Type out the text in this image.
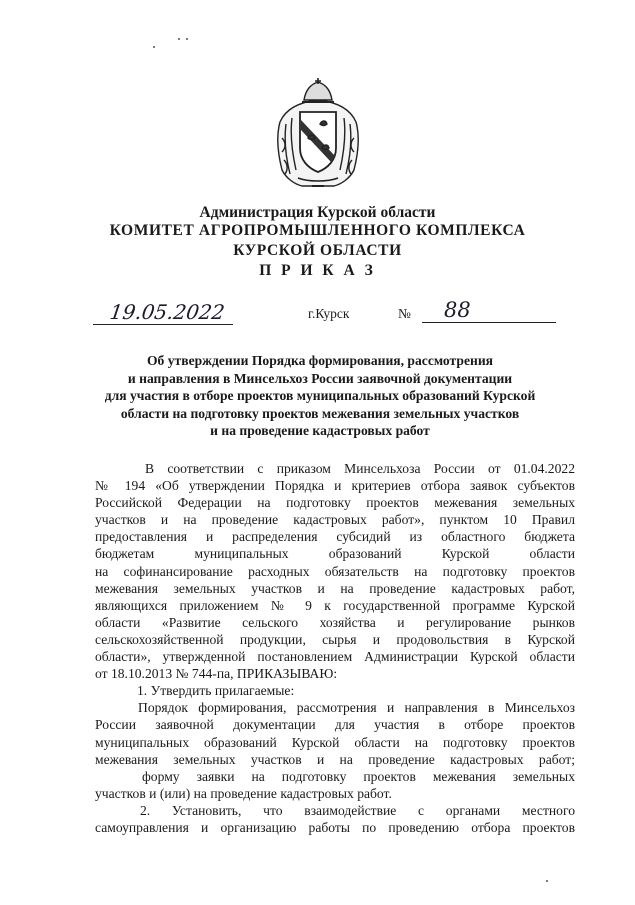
Администрация Курской области
КОМИТЕТ АГРОПРОМЫШЛЕННОГО КОМПЛЕКСА
КУРСКОЙ ОБЛАСТИ
П Р И К А З
19.05.2022	г.Курск	№ 88
Об утверждении Порядка формирования, рассмотрения
и направления в Минсельхоз России заявочной документации
для участия в отборе проектов муниципальных образований Курской
области на подготовку проектов межевания земельных участков
и на проведение кадастровых работ
В соответствии с приказом Минсельхоза России от 01.04.2022
№ 194 «Об утверждении Порядка и критериев отбора заявок субъектов
Российской Федерации на подготовку проектов межевания земельных
участков и на проведение кадастровых работ», пунктом 10 Правил
предоставления и распределения субсидий из областного бюджета
бюджетам муниципальных образований Курской области
на софинансирование расходных обязательств на подготовку проектов
межевания земельных участков и на проведение кадастровых работ,
являющихся приложением № 9 к государственной программе Курской
области «Развитие сельского хозяйства и регулирование рынков
сельскохозяйственной продукции, сырья и продовольствия в Курской
области», утвержденной постановлением Администрации Курской области
от 18.10.2013 № 744-па, ПРИКАЗЫВАЮ:
1. Утвердить прилагаемые:
Порядок формирования, рассмотрения и направления в Минсельхоз
России заявочной документации для участия в отборе проектов
муниципальных образований Курской области на подготовку проектов
межевания земельных участков и на проведение кадастровых работ;
форму заявки на подготовку проектов межевания земельных
участков и (или) на проведение кадастровых работ.
2. Установить, что взаимодействие с органами местного
самоуправления и организацию работы по проведению отбора проектов
